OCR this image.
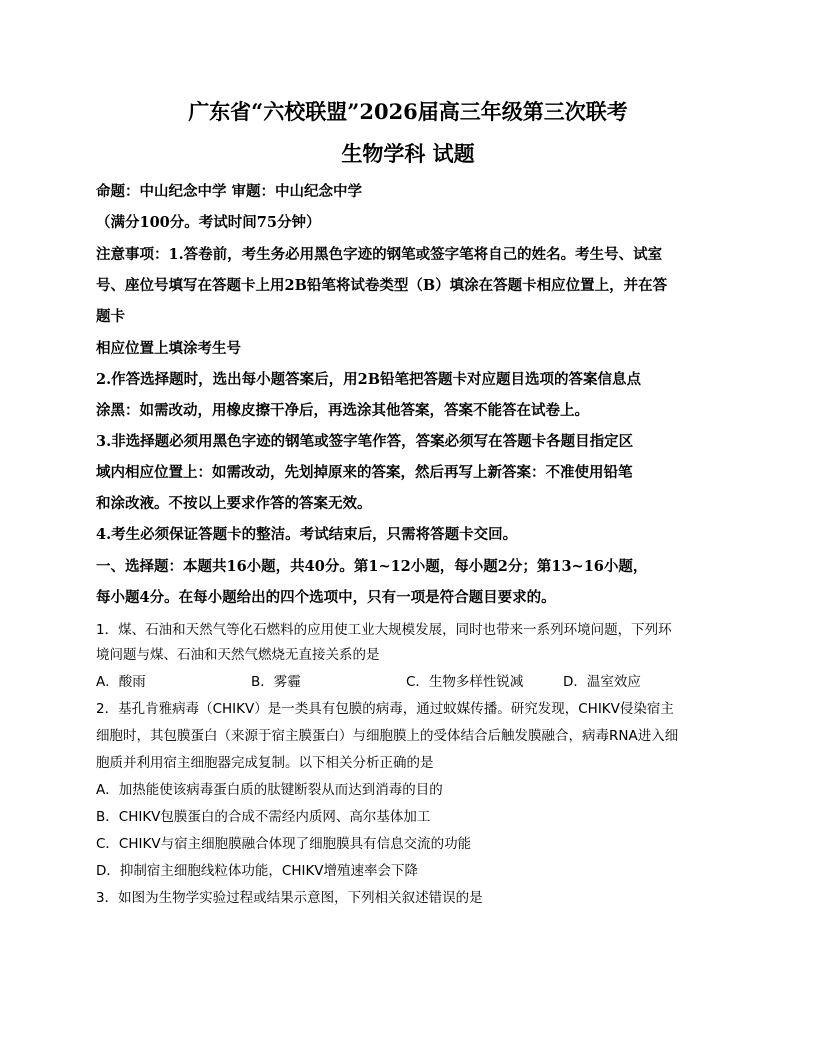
广东省“六校联盟”2026届高三年级第三次联考
生物学科 试题
命题：中山纪念中学 审题：中山纪念中学
（满分100分。考试时间75分钟）
注意事项：1.答卷前，考生务必用黑色字迹的钢笔或签字笔将自己的姓名。考生号、试室
号、座位号填写在答题卡上用2B铅笔将试卷类型（B）填涂在答题卡相应位置上，并在答
题卡
相应位置上填涂考生号
2.作答选择题时，选出每小题答案后，用2B铅笔把答题卡对应题目选项的答案信息点
涂黑：如需改动，用橡皮擦干净后，再选涂其他答案，答案不能答在试卷上。
3.非选择题必须用黑色字迹的钢笔或签字笔作答，答案必须写在答题卡各题目指定区
域内相应位置上：如需改动，先划掉原来的答案，然后再写上新答案：不准使用铅笔
和涂改液。不按以上要求作答的答案无效。
4.考生必须保证答题卡的整洁。考试结束后，只需将答题卡交回。
一、选择题：本题共16小题，共40分。第1~12小题，每小题2分；第13~16小题，
每小题4分。在每小题给出的四个选项中，只有一项是符合题目要求的。
1．煤、石油和天然气等化石燃料的应用使工业大规模发展，同时也带来一系列环境问题，下列环
境问题与煤、石油和天然气燃烧无直接关系的是
A．酸雨	B．雾霾	C．生物多样性锐减	D．温室效应
2．基孔肯雅病毒（CHIKV）是一类具有包膜的病毒，通过蚊媒传播。研究发现，CHIKV侵染宿主
细胞时，其包膜蛋白（来源于宿主膜蛋白）与细胞膜上的受体结合后触发膜融合，病毒RNA进入细
胞质并利用宿主细胞器完成复制。以下相关分析正确的是
A．加热能使该病毒蛋白质的肽键断裂从而达到消毒的目的
B．CHIKV包膜蛋白的合成不需经内质网、高尔基体加工
C．CHIKV与宿主细胞膜融合体现了细胞膜具有信息交流的功能
D．抑制宿主细胞线粒体功能，CHIKV增殖速率会下降
3．如图为生物学实验过程或结果示意图，下列相关叙述错误的是
